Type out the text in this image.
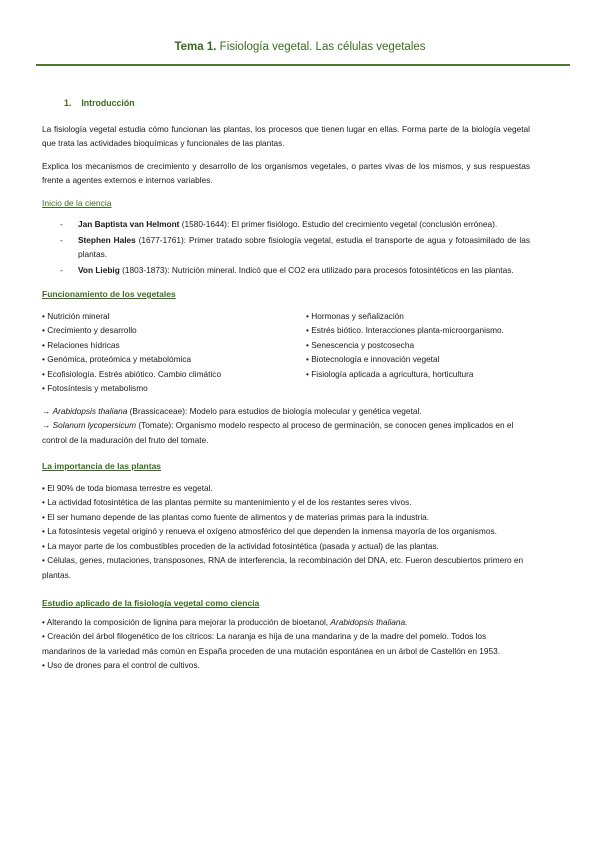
Tema 1. Fisiología vegetal. Las células vegetales

1. Introducción

La fisiología vegetal estudia cómo funcionan las plantas, los procesos que tienen lugar en ellas. Forma parte de la biología vegetal que trata las actividades bioquímicas y funcionales de las plantas.

Explica los mecanismos de crecimiento y desarrollo de los organismos vegetales, o partes vivas de los mismos, y sus respuestas frente a agentes externos e internos variables.

Inicio de la ciencia

- Jan Baptista van Helmont (1580-1644): El primer fisiólogo. Estudio del crecimiento vegetal (conclusión errónea).
- Stephen Hales (1677-1761): Primer tratado sobre fisiología vegetal, estudia el transporte de agua y fotoasimilado de las plantas.
- Von Liebig (1803-1873): Nutrición mineral. Indicó que el CO2 era utilizado para procesos fotosintéticos en las plantas.

Funcionamiento de los vegetales

• Nutrición mineral

• Crecimiento y desarrollo

• Relaciones hídricas

• Genómica, proteómica y metabolómica

• Ecofisiología. Estrés abiótico. Cambio climático

• Fotosíntesis y metabolismo

• Hormonas y señalización

• Estrés biótico. Interacciones planta-microorganismo.

• Senescencia y postcosecha

• Biotecnología e innovación vegetal

• Fisiología aplicada a agricultura, horticultura

→ Arabidopsis thaliana (Brassicaceae): Modelo para estudios de biología molecular y genética vegetal.

→ Solanum lycopersicum (Tomate): Organismo modelo respecto al proceso de germinación, se conocen genes implicados en el control de la maduración del fruto del tomate.

La importancia de las plantas

• El 90% de toda biomasa terrestre es vegetal.

• La actividad fotosintética de las plantas permite su mantenimiento y el de los restantes seres vivos.

• El ser humano depende de las plantas como fuente de alimentos y de materias primas para la industria.

• La fotosíntesis vegetal originó y renueva el oxígeno atmosférico del que dependen la inmensa mayoría de los organismos.

• La mayor parte de los combustibles proceden de la actividad fotosintética (pasada y actual) de las plantas.

• Células, genes, mutaciones, transposones, RNA de interferencia, la recombinación del DNA, etc. Fueron descubiertos primero en plantas.

Estudio aplicado de la fisiología vegetal como ciencia

• Alterando la composición de lignina para mejorar la producción de bioetanol, Arabidopsis thaliana.

• Creación del árbol filogenético de los cítricos: La naranja es hija de una mandarina y de la madre del pomelo. Todos los mandarinos de la variedad más común en España proceden de una mutación espontánea en un árbol de Castellón en 1953.

• Uso de drones para el control de cultivos.
